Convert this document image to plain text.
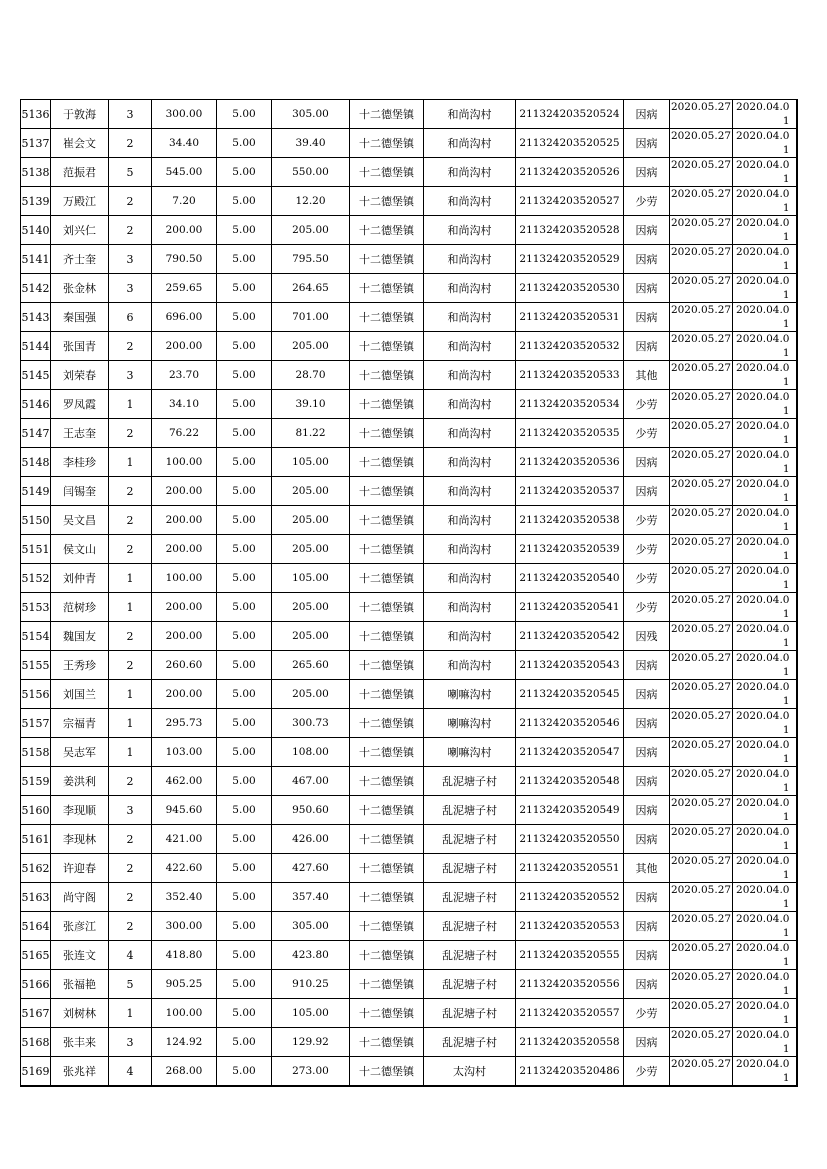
5136	于敦海	3	300.00	5.00	305.00	十二德堡镇	和尚沟村	211324203520524	因病	2020.05.27	2020.04.01
5137	崔会文	2	34.40	5.00	39.40	十二德堡镇	和尚沟村	211324203520525	因病	2020.05.27	2020.04.01
5138	范振君	5	545.00	5.00	550.00	十二德堡镇	和尚沟村	211324203520526	因病	2020.05.27	2020.04.01
5139	万殿江	2	7.20	5.00	12.20	十二德堡镇	和尚沟村	211324203520527	少劳	2020.05.27	2020.04.01
5140	刘兴仁	2	200.00	5.00	205.00	十二德堡镇	和尚沟村	211324203520528	因病	2020.05.27	2020.04.01
5141	齐士奎	3	790.50	5.00	795.50	十二德堡镇	和尚沟村	211324203520529	因病	2020.05.27	2020.04.01
5142	张金林	3	259.65	5.00	264.65	十二德堡镇	和尚沟村	211324203520530	因病	2020.05.27	2020.04.01
5143	秦国强	6	696.00	5.00	701.00	十二德堡镇	和尚沟村	211324203520531	因病	2020.05.27	2020.04.01
5144	张国青	2	200.00	5.00	205.00	十二德堡镇	和尚沟村	211324203520532	因病	2020.05.27	2020.04.01
5145	刘荣春	3	23.70	5.00	28.70	十二德堡镇	和尚沟村	211324203520533	其他	2020.05.27	2020.04.01
5146	罗凤霞	1	34.10	5.00	39.10	十二德堡镇	和尚沟村	211324203520534	少劳	2020.05.27	2020.04.01
5147	王志奎	2	76.22	5.00	81.22	十二德堡镇	和尚沟村	211324203520535	少劳	2020.05.27	2020.04.01
5148	李桂珍	1	100.00	5.00	105.00	十二德堡镇	和尚沟村	211324203520536	因病	2020.05.27	2020.04.01
5149	闫锡奎	2	200.00	5.00	205.00	十二德堡镇	和尚沟村	211324203520537	因病	2020.05.27	2020.04.01
5150	吴文昌	2	200.00	5.00	205.00	十二德堡镇	和尚沟村	211324203520538	少劳	2020.05.27	2020.04.01
5151	侯文山	2	200.00	5.00	205.00	十二德堡镇	和尚沟村	211324203520539	少劳	2020.05.27	2020.04.01
5152	刘仲青	1	100.00	5.00	105.00	十二德堡镇	和尚沟村	211324203520540	少劳	2020.05.27	2020.04.01
5153	范树珍	1	200.00	5.00	205.00	十二德堡镇	和尚沟村	211324203520541	少劳	2020.05.27	2020.04.01
5154	魏国友	2	200.00	5.00	205.00	十二德堡镇	和尚沟村	211324203520542	因残	2020.05.27	2020.04.01
5155	王秀珍	2	260.60	5.00	265.60	十二德堡镇	和尚沟村	211324203520543	因病	2020.05.27	2020.04.01
5156	刘国兰	1	200.00	5.00	205.00	十二德堡镇	喇嘛沟村	211324203520545	因病	2020.05.27	2020.04.01
5157	宗福青	1	295.73	5.00	300.73	十二德堡镇	喇嘛沟村	211324203520546	因病	2020.05.27	2020.04.01
5158	吴志军	1	103.00	5.00	108.00	十二德堡镇	喇嘛沟村	211324203520547	因病	2020.05.27	2020.04.01
5159	姜洪利	2	462.00	5.00	467.00	十二德堡镇	乱泥塘子村	211324203520548	因病	2020.05.27	2020.04.01
5160	李现顺	3	945.60	5.00	950.60	十二德堡镇	乱泥塘子村	211324203520549	因病	2020.05.27	2020.04.01
5161	李现林	2	421.00	5.00	426.00	十二德堡镇	乱泥塘子村	211324203520550	因病	2020.05.27	2020.04.01
5162	许迎春	2	422.60	5.00	427.60	十二德堡镇	乱泥塘子村	211324203520551	其他	2020.05.27	2020.04.01
5163	尚守阁	2	352.40	5.00	357.40	十二德堡镇	乱泥塘子村	211324203520552	因病	2020.05.27	2020.04.01
5164	张彦江	2	300.00	5.00	305.00	十二德堡镇	乱泥塘子村	211324203520553	因病	2020.05.27	2020.04.01
5165	张连文	4	418.80	5.00	423.80	十二德堡镇	乱泥塘子村	211324203520555	因病	2020.05.27	2020.04.01
5166	张福艳	5	905.25	5.00	910.25	十二德堡镇	乱泥塘子村	211324203520556	因病	2020.05.27	2020.04.01
5167	刘树林	1	100.00	5.00	105.00	十二德堡镇	乱泥塘子村	211324203520557	少劳	2020.05.27	2020.04.01
5168	张丰来	3	124.92	5.00	129.92	十二德堡镇	乱泥塘子村	211324203520558	因病	2020.05.27	2020.04.01
5169	张兆祥	4	268.00	5.00	273.00	十二德堡镇	太沟村	211324203520486	少劳	2020.05.27	2020.04.01
